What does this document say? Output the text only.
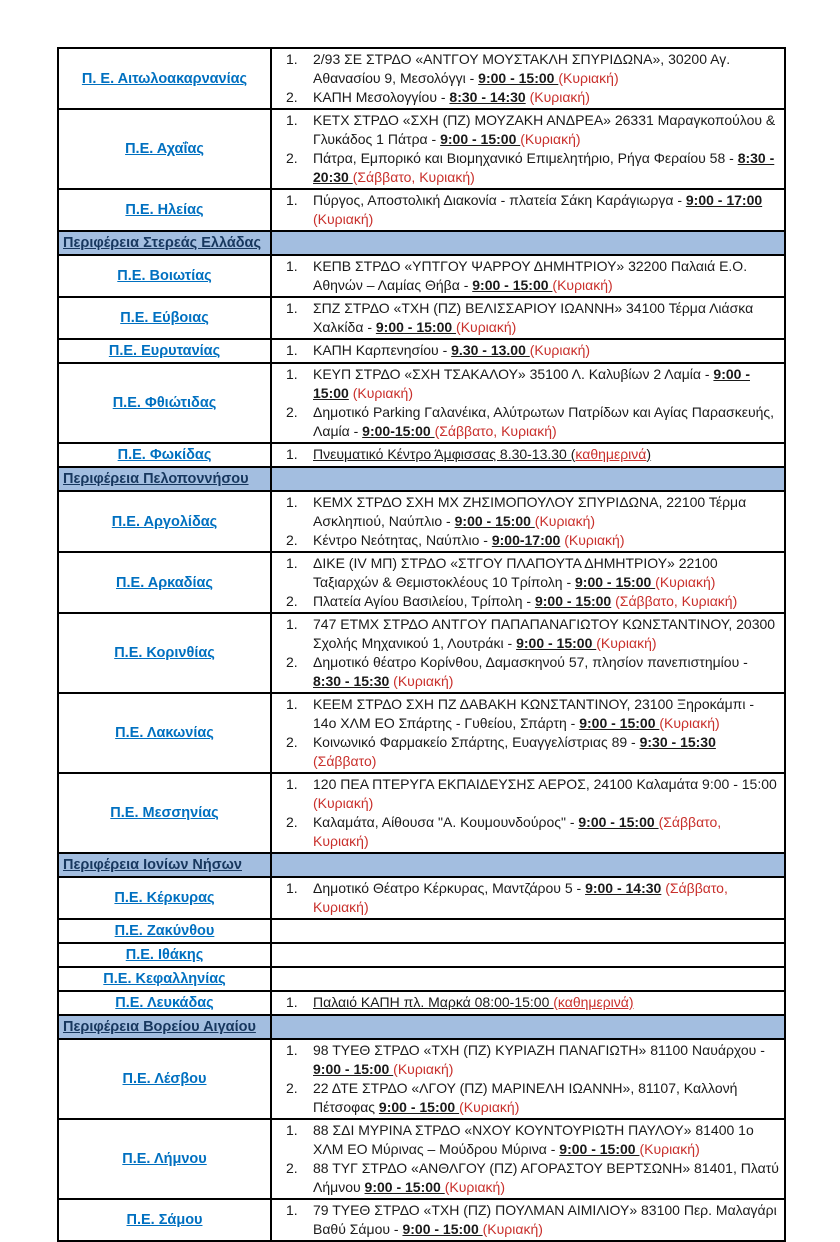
Π. Ε. Αιτωλοακαρνανίας	
2/93 ΣΕ ΣΤΡΔΟ «ΑΝΤΓΟΥ ΜΟΥΣΤΑΚΛΗ ΣΠΥΡΙΔΩΝΑ», 30200 Αγ. Αθανασίου 9, Μεσολόγγι - 9:00 - 15:00 (Κυριακή)
ΚΑΠΗ Μεσολογγίου - 8:30 - 14:30 (Κυριακή)

Π.Ε. Αχαΐας	
ΚΕΤΧ ΣΤΡΔΟ «ΣΧΗ (ΠΖ) ΜΟΥΖΑΚΗ ΑΝΔΡΕΑ» 26331 Μαραγκοπούλου & Γλυκάδος 1 Πάτρα - 9:00 - 15:00 (Κυριακή)
Πάτρα, Εμπορικό και Βιομηχανικό Επιμελητήριο, Ρήγα Φεραίου 58 - 8:30 - 20:30 (Σάββατο, Κυριακή)

Π.Ε. Ηλείας	
Πύργος, Αποστολική Διακονία - πλατεία Σάκη Καράγιωργα - 9:00 - 17:00 (Κυριακή)

Περιφέρεια Στερεάς Ελλάδας	
Π.Ε. Βοιωτίας	
ΚΕΠΒ ΣΤΡΔΟ «ΥΠΤΓΟΥ ΨΑΡΡΟΥ ΔΗΜΗΤΡΙΟΥ» 32200 Παλαιά Ε.Ο. Αθηνών – Λαμίας Θήβα - 9:00 - 15:00 (Κυριακή)

Π.Ε. Εύβοιας	
ΣΠΖ ΣΤΡΔΟ «ΤΧΗ (ΠΖ) ΒΕΛΙΣΣΑΡΙΟΥ ΙΩΑΝΝΗ» 34100 Τέρμα Λιάσκα Χαλκίδα - 9:00 - 15:00 (Κυριακή)

Π.Ε. Ευρυτανίας	ΚΑΠΗ Καρπενησίου - 9.30 - 13.00 (Κυριακή)

Π.Ε. Φθιώτιδας	
ΚΕΥΠ ΣΤΡΔΟ «ΣΧΗ ΤΣΑΚΑΛΟΥ» 35100 Λ. Καλυβίων 2 Λαμία - 9:00 - 15:00 (Κυριακή)
Δημοτικό Parking Γαλανέικα, Αλύτρωτων Πατρίδων και Αγίας Παρασκευής, Λαμία - 9:00-15:00 (Σάββατο, Κυριακή)

Π.Ε. Φωκίδας	Πνευματικό Κέντρο Άμφισσας 8.30-13.30 (καθημερινά)

Περιφέρεια Πελοποννήσου	
Π.Ε. Αργολίδας	
ΚΕΜΧ ΣΤΡΔΟ ΣΧΗ ΜΧ ΖΗΣΙΜΟΠΟΥΛΟΥ ΣΠΥΡΙΔΩΝΑ, 22100 Τέρμα Ασκληπιού, Ναύπλιο - 9:00 - 15:00 (Κυριακή)
Κέντρο Νεότητας, Ναύπλιο - 9:00-17:00 (Κυριακή)

Π.Ε. Αρκαδίας	
ΔΙΚΕ (IV ΜΠ) ΣΤΡΔΟ «ΣΤΓΟΥ ΠΛΑΠΟΥΤΑ ΔΗΜΗΤΡΙΟΥ» 22100 Ταξιαρχών & Θεμιστοκλέους 10 Τρίπολη - 9:00 - 15:00 (Κυριακή)
Πλατεία Αγίου Βασιλείου, Τρίπολη - 9:00 - 15:00 (Σάββατο, Κυριακή)

Π.Ε. Κορινθίας	
747 ΕΤΜΧ ΣΤΡΔΟ ΑΝΤΓΟΥ ΠΑΠΑΠΑΝΑΓΙΩΤΟΥ ΚΩΝΣΤΑΝΤΙΝΟΥ, 20300 Σχολής Μηχανικού 1, Λουτράκι - 9:00 - 15:00 (Κυριακή)
Δημοτικό θέατρο Κορίνθου, Δαμασκηνού 57, πλησίον πανεπιστημίου - 8:30 - 15:30 (Κυριακή)

Π.Ε. Λακωνίας	
ΚΕΕΜ ΣΤΡΔΟ ΣΧΗ ΠΖ ΔΑΒΑΚΗ ΚΩΝΣΤΑΝΤΙΝΟΥ, 23100 Ξηροκάμπι - 14ο ΧΛΜ ΕΟ Σπάρτης - Γυθείου, Σπάρτη - 9:00 - 15:00 (Κυριακή)
Κοινωνικό Φαρμακείο Σπάρτης, Ευαγγελίστριας 89 - 9:30 - 15:30 (Σάββατο)

Π.Ε. Μεσσηνίας	
120 ΠΕΑ ΠΤΕΡΥΓΑ ΕΚΠΑΙΔΕΥΣΗΣ ΑΕΡΟΣ, 24100 Καλαμάτα 9:00 - 15:00 (Κυριακή)
Καλαμάτα, Αίθουσα "Α. Κουμουνδούρος" - 9:00 - 15:00 (Σάββατο, Κυριακή)

Περιφέρεια Ιονίων Νήσων	
Π.Ε. Κέρκυρας	
Δημοτικό Θέατρο Κέρκυρας, Μαντζάρου 5 - 9:00 - 14:30 (Σάββατο, Κυριακή)

Π.Ε. Ζακύνθου	
Π.Ε. Ιθάκης	
Π.Ε. Κεφαλληνίας	
Π.Ε. Λευκάδας	Παλαιό ΚΑΠΗ πλ. Μαρκά 08:00-15:00 (καθημερινά)

Περιφέρεια Βορείου Αιγαίου	
Π.Ε. Λέσβου	
98 ΤΥΕΘ ΣΤΡΔΟ «ΤΧΗ (ΠΖ) ΚΥΡΙΑΖΗ ΠΑΝΑΓΙΩΤΗ» 81100 Ναυάρχου - 9:00 - 15:00 (Κυριακή)
22 ΔΤΕ ΣΤΡΔΟ «ΛΓΟΥ (ΠΖ) ΜΑΡΙΝΕΛΗ ΙΩΑΝΝΗ», 81107, Καλλονή Πέτσοφας 9:00 - 15:00 (Κυριακή)

Π.Ε. Λήμνου	
88 ΣΔΙ ΜΥΡΙΝΑ ΣΤΡΔΟ «ΝΧΟΥ ΚΟΥΝΤΟΥΡΙΩΤΗ ΠΑΥΛΟΥ» 81400 1ο ΧΛΜ ΕΟ Μύρινας – Μούδρου Μύρινα - 9:00 - 15:00 (Κυριακή)
88 ΤΥΓ ΣΤΡΔΟ «ΑΝΘΛΓΟΥ (ΠΖ) ΑΓΟΡΑΣΤΟΥ ΒΕΡΤΣΩΝΗ» 81401, Πλατύ Λήμνου 9:00 - 15:00 (Κυριακή)

Π.Ε. Σάμου	
79 ΤΥΕΘ ΣΤΡΔΟ «ΤΧΗ (ΠΖ) ΠΟΥΛΜΑΝ ΑΙΜΙΛΙΟΥ» 83100 Περ. Μαλαγάρι Βαθύ Σάμου - 9:00 - 15:00 (Κυριακή)
